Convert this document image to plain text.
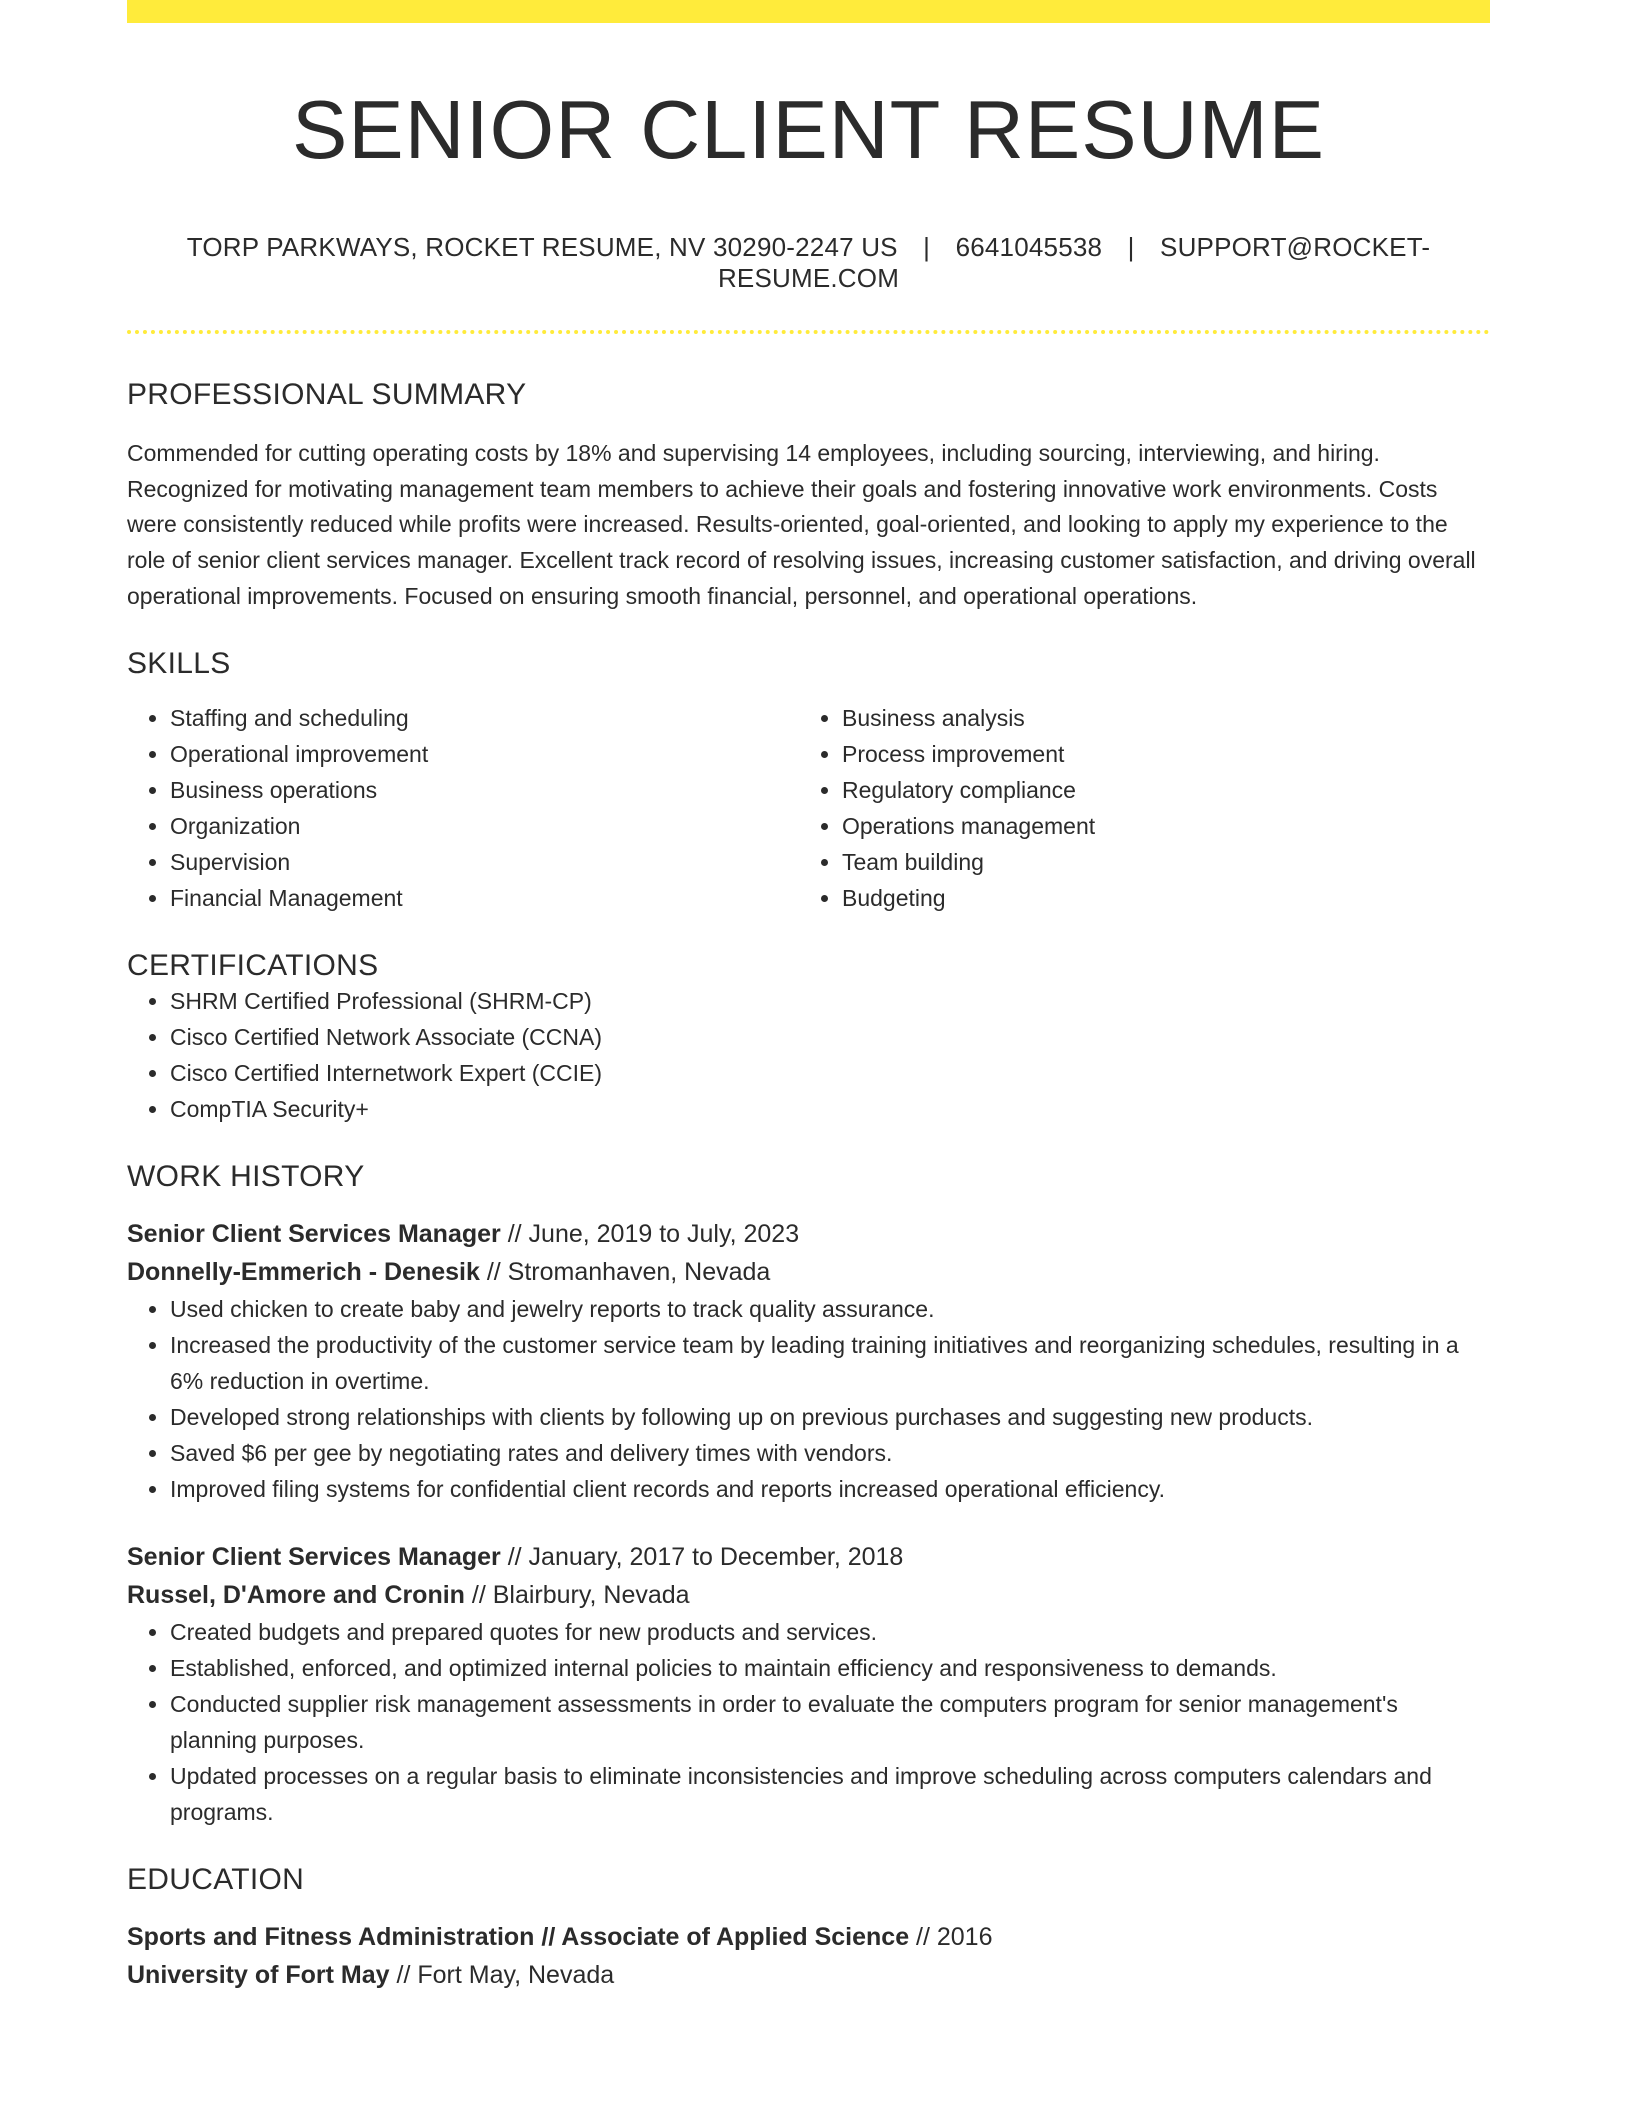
SENIOR CLIENT RESUME
TORP PARKWAYS, ROCKET RESUME, NV 30290-2247 US | 6641045538 | SUPPORT@ROCKET-RESUME.COM
PROFESSIONAL SUMMARY
Commended for cutting operating costs by 18% and supervising 14 employees, including sourcing, interviewing, and hiring. Recognized for motivating management team members to achieve their goals and fostering innovative work environments. Costs were consistently reduced while profits were increased. Results-oriented, goal-oriented, and looking to apply my experience to the role of senior client services manager. Excellent track record of resolving issues, increasing customer satisfaction, and driving overall operational improvements. Focused on ensuring smooth financial, personnel, and operational operations.
SKILLS
• Staffing and scheduling
• Operational improvement
• Business operations
• Organization
• Supervision
• Financial Management
• Business analysis
• Process improvement
• Regulatory compliance
• Operations management
• Team building
• Budgeting
CERTIFICATIONS
• SHRM Certified Professional (SHRM-CP)
• Cisco Certified Network Associate (CCNA)
• Cisco Certified Internetwork Expert (CCIE)
• CompTIA Security+
WORK HISTORY
Senior Client Services Manager // June, 2019 to July, 2023
Donnelly-Emmerich - Denesik // Stromanhaven, Nevada
• Used chicken to create baby and jewelry reports to track quality assurance.
• Increased the productivity of the customer service team by leading training initiatives and reorganizing schedules, resulting in a 6% reduction in overtime.
• Developed strong relationships with clients by following up on previous purchases and suggesting new products.
• Saved $6 per gee by negotiating rates and delivery times with vendors.
• Improved filing systems for confidential client records and reports increased operational efficiency.
Senior Client Services Manager // January, 2017 to December, 2018
Russel, D'Amore and Cronin // Blairbury, Nevada
• Created budgets and prepared quotes for new products and services.
• Established, enforced, and optimized internal policies to maintain efficiency and responsiveness to demands.
• Conducted supplier risk management assessments in order to evaluate the computers program for senior management's planning purposes.
• Updated processes on a regular basis to eliminate inconsistencies and improve scheduling across computers calendars and programs.
EDUCATION
Sports and Fitness Administration // Associate of Applied Science // 2016
University of Fort May // Fort May, Nevada
